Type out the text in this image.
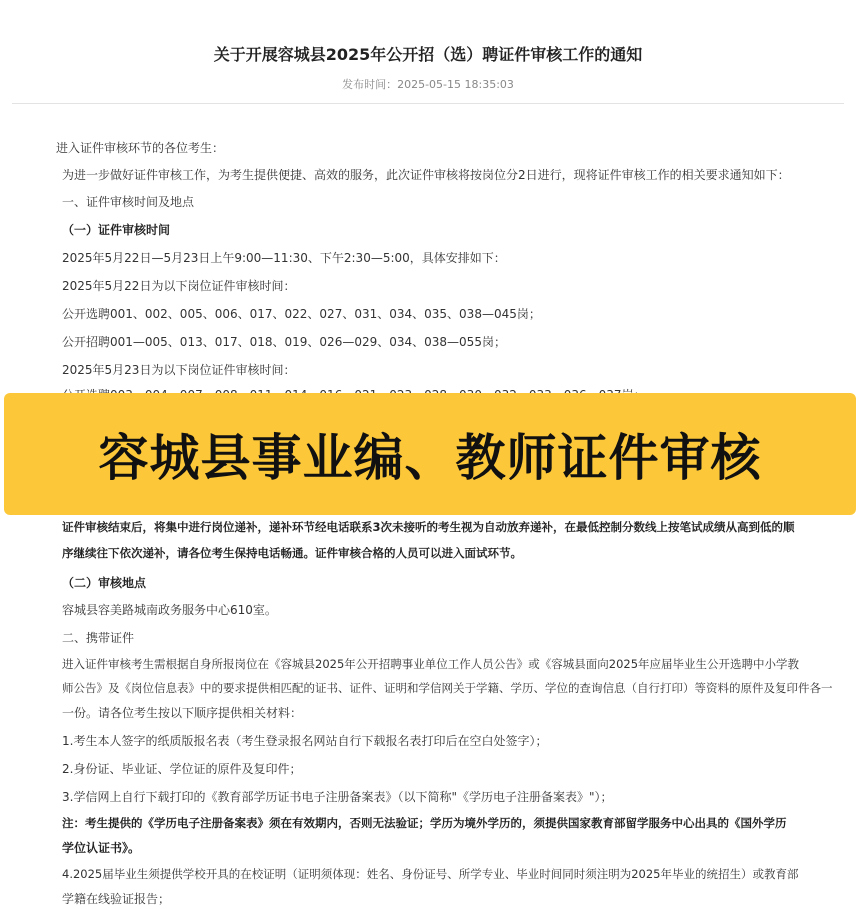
关于开展容城县2025年公开招（选）聘证件审核工作的通知
发布时间：2025-05-15 18:35:03
进入证件审核环节的各位考生：
为进一步做好证件审核工作，为考生提供便捷、高效的服务，此次证件审核将按岗位分2日进行，现将证件审核工作的相关要求通知如下：
一、证件审核时间及地点
（一）证件审核时间
2025年5月22日—5月23日上午9:00—11:30、下午2:30—5:00，具体安排如下：
2025年5月22日为以下岗位证件审核时间：
公开选聘001、002、005、006、017、022、027、031、034、035、038—045岗；
公开招聘001—005、013、017、018、019、026—029、034、038—055岗；
2025年5月23日为以下岗位证件审核时间：
容城县事业编、教师证件审核
证件审核结束后，将集中进行岗位递补，递补环节经电话联系3次未接听的考生视为自动放弃递补，在最低控制分数线上按笔试成绩从高到低的顺
序继续往下依次递补，请各位考生保持电话畅通。证件审核合格的人员可以进入面试环节。
（二）审核地点
容城县容美路城南政务服务中心610室。
二、携带证件
进入证件审核考生需根据自身所报岗位在《容城县2025年公开招聘事业单位工作人员公告》或《容城县面向2025年应届毕业生公开选聘中小学教
师公告》及《岗位信息表》中的要求提供相匹配的证书、证件、证明和学信网关于学籍、学历、学位的查询信息（自行打印）等资料的原件及复印件各一
一份。请各位考生按以下顺序提供相关材料：
1.考生本人签字的纸质版报名表（考生登录报名网站自行下载报名表打印后在空白处签字）；
2.身份证、毕业证、学位证的原件及复印件；
3.学信网上自行下载打印的《教育部学历证书电子注册备案表》（以下简称"《学历电子注册备案表》"）；
注：考生提供的《学历电子注册备案表》须在有效期内，否则无法验证；学历为境外学历的，须提供国家教育部留学服务中心出具的《国外学历
学位认证书》。
4.2025届毕业生须提供学校开具的在校证明（证明须体现：姓名、身份证号、所学专业、毕业时间同时须注明为2025年毕业的统招生）或教育部
学籍在线验证报告；
